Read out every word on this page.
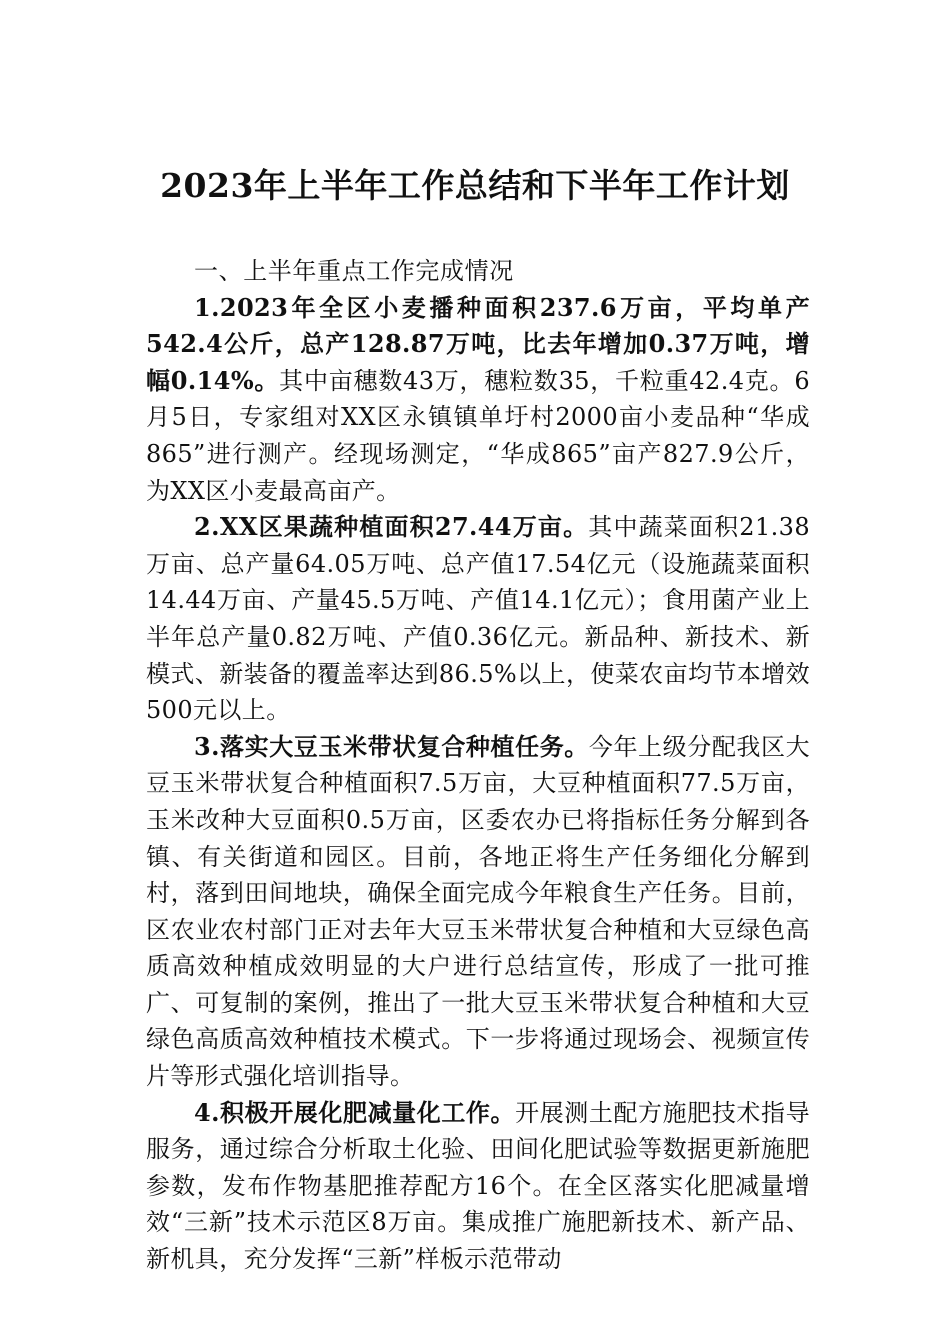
2023年上半年工作总结和下半年工作计划

一、上半年重点工作完成情况

1.2023年全区小麦播种面积237.6万亩，平均单产542.4公斤，总产128.87万吨，比去年增加0.37万吨，增幅0.14%。其中亩穗数43万，穗粒数35，千粒重42.4克。6月5日，专家组对XX区永镇镇单圩村2000亩小麦品种“华成865”进行测产。经现场测定，“华成865”亩产827.9公斤，为XX区小麦最高亩产。

2.XX区果蔬种植面积27.44万亩。其中蔬菜面积21.38万亩、总产量64.05万吨、总产值17.54亿元（设施蔬菜面积14.44万亩、产量45.5万吨、产值14.1亿元）；食用菌产业上半年总产量0.82万吨、产值0.36亿元。新品种、新技术、新模式、新装备的覆盖率达到86.5%以上，使菜农亩均节本增效500元以上。

3.落实大豆玉米带状复合种植任务。今年上级分配我区大豆玉米带状复合种植面积7.5万亩，大豆种植面积77.5万亩，玉米改种大豆面积0.5万亩，区委农办已将指标任务分解到各镇、有关街道和园区。目前，各地正将生产任务细化分解到村，落到田间地块，确保全面完成今年粮食生产任务。目前，区农业农村部门正对去年大豆玉米带状复合种植和大豆绿色高质高效种植成效明显的大户进行总结宣传，形成了一批可推广、可复制的案例，推出了一批大豆玉米带状复合种植和大豆绿色高质高效种植技术模式。下一步将通过现场会、视频宣传片等形式强化培训指导。

4.积极开展化肥减量化工作。开展测土配方施肥技术指导服务，通过综合分析取土化验、田间化肥试验等数据更新施肥参数，发布作物基肥推荐配方16个。在全区落实化肥减量增效“三新”技术示范区8万亩。集成推广施肥新技术、新产品、新机具，充分发挥“三新”样板示范带动
